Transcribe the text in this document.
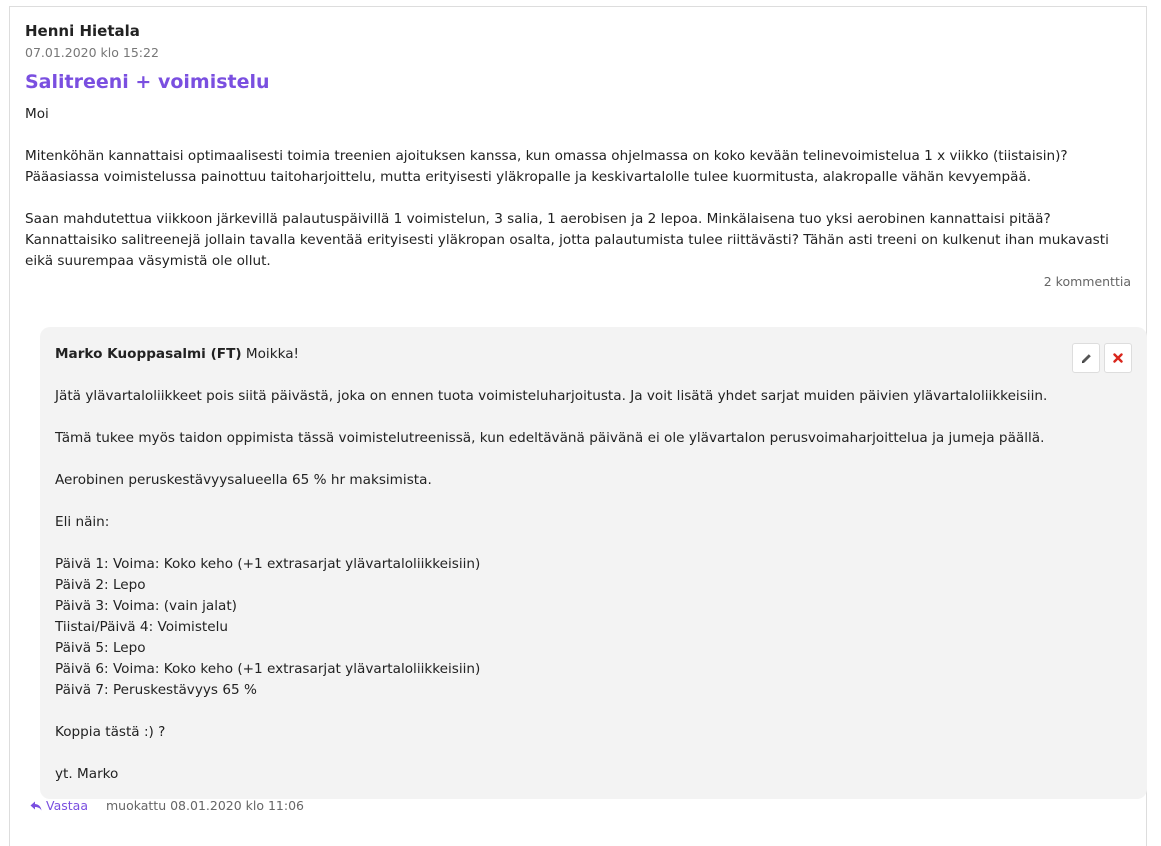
Henni Hietala
07.01.2020 klo 15:22
Salitreeni + voimistelu

Moi

Mitenköhän kannattaisi optimaalisesti toimia treenien ajoituksen kanssa, kun omassa ohjelmassa on koko kevään telinevoimistelua 1 x viikko (tiistaisin)?

Pääasiassa voimistelussa painottuu taitoharjoittelu, mutta erityisesti yläkropalle ja keskivartalolle tulee kuormitusta, alakropalle vähän kevyempää.

Saan mahdutettua viikkoon järkevillä palautuspäivillä 1 voimistelun, 3 salia, 1 aerobisen ja 2 lepoa. Minkälaisena tuo yksi aerobinen kannattaisi pitää?

Kannattaisiko salitreenejä jollain tavalla keventää erityisesti yläkropan osalta, jotta palautumista tulee riittävästi? Tähän asti treeni on kulkenut ihan mukavasti

eikä suurempaa väsymistä ole ollut.

2 kommenttia

Marko Kuoppasalmi (FT) Moikka!

Jätä ylävartaloliikkeet pois siitä päivästä, joka on ennen tuota voimisteluharjoitusta. Ja voit lisätä yhdet sarjat muiden päivien ylävartaloliikkeisiin.

Tämä tukee myös taidon oppimista tässä voimistelutreenissä, kun edeltävänä päivänä ei ole ylävartalon perusvoimaharjoittelua ja jumeja päällä.

Aerobinen peruskestävyysalueella 65 % hr maksimista.

Eli näin:

Päivä 1: Voima: Koko keho (+1 extrasarjat ylävartaloliikkeisiin)

Päivä 2: Lepo

Päivä 3: Voima: (vain jalat)

Tiistai/Päivä 4: Voimistelu

Päivä 5: Lepo

Päivä 6: Voima: Koko keho (+1 extrasarjat ylävartaloliikkeisiin)

Päivä 7: Peruskestävyys 65 %

Koppia tästä :) ?

yt. Marko

Vastaa muokattu 08.01.2020 klo 11:06
